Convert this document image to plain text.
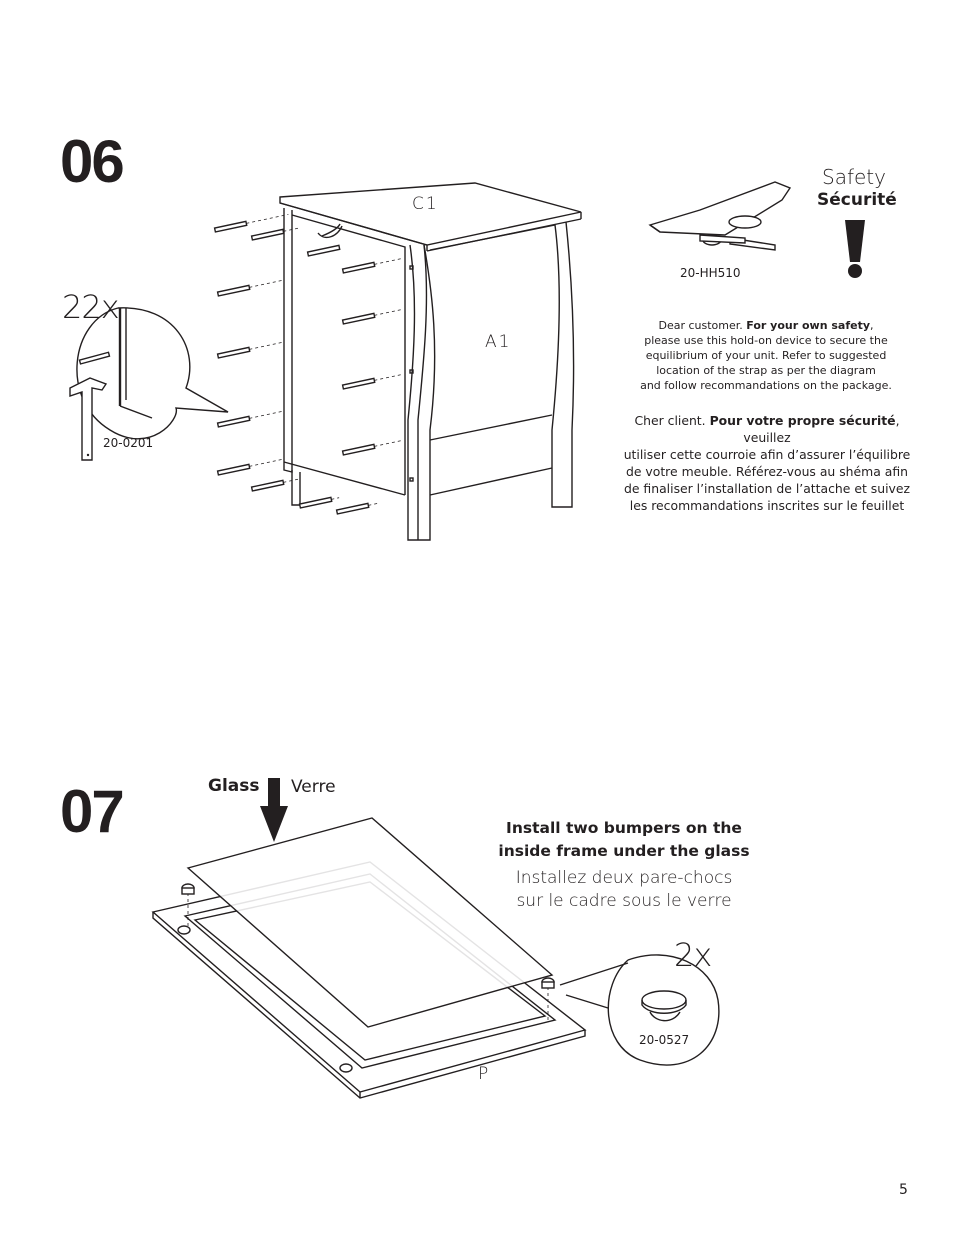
06
C1
A1
22x
20-0201
20-HH510
Safety
Sécurité
Dear customer. For your own safety,
please use this hold-on device to secure the
equilibrium of your unit. Refer to suggested
location of the strap as per the diagram
and follow recommandations on the package.
Cher client. Pour votre propre sécurité, veuillez
utiliser cette courroie afin d’assurer l’équilibre
de votre meuble. Référez-vous au shéma afin
de finaliser l’installation de l’attache et suivez
les recommandations inscrites sur le feuillet
07	Glass Verre
Install two bumpers on the
inside frame under the glass
Installez deux pare-chocs
sur le cadre sous le verre
2x
20-0527
P
5
